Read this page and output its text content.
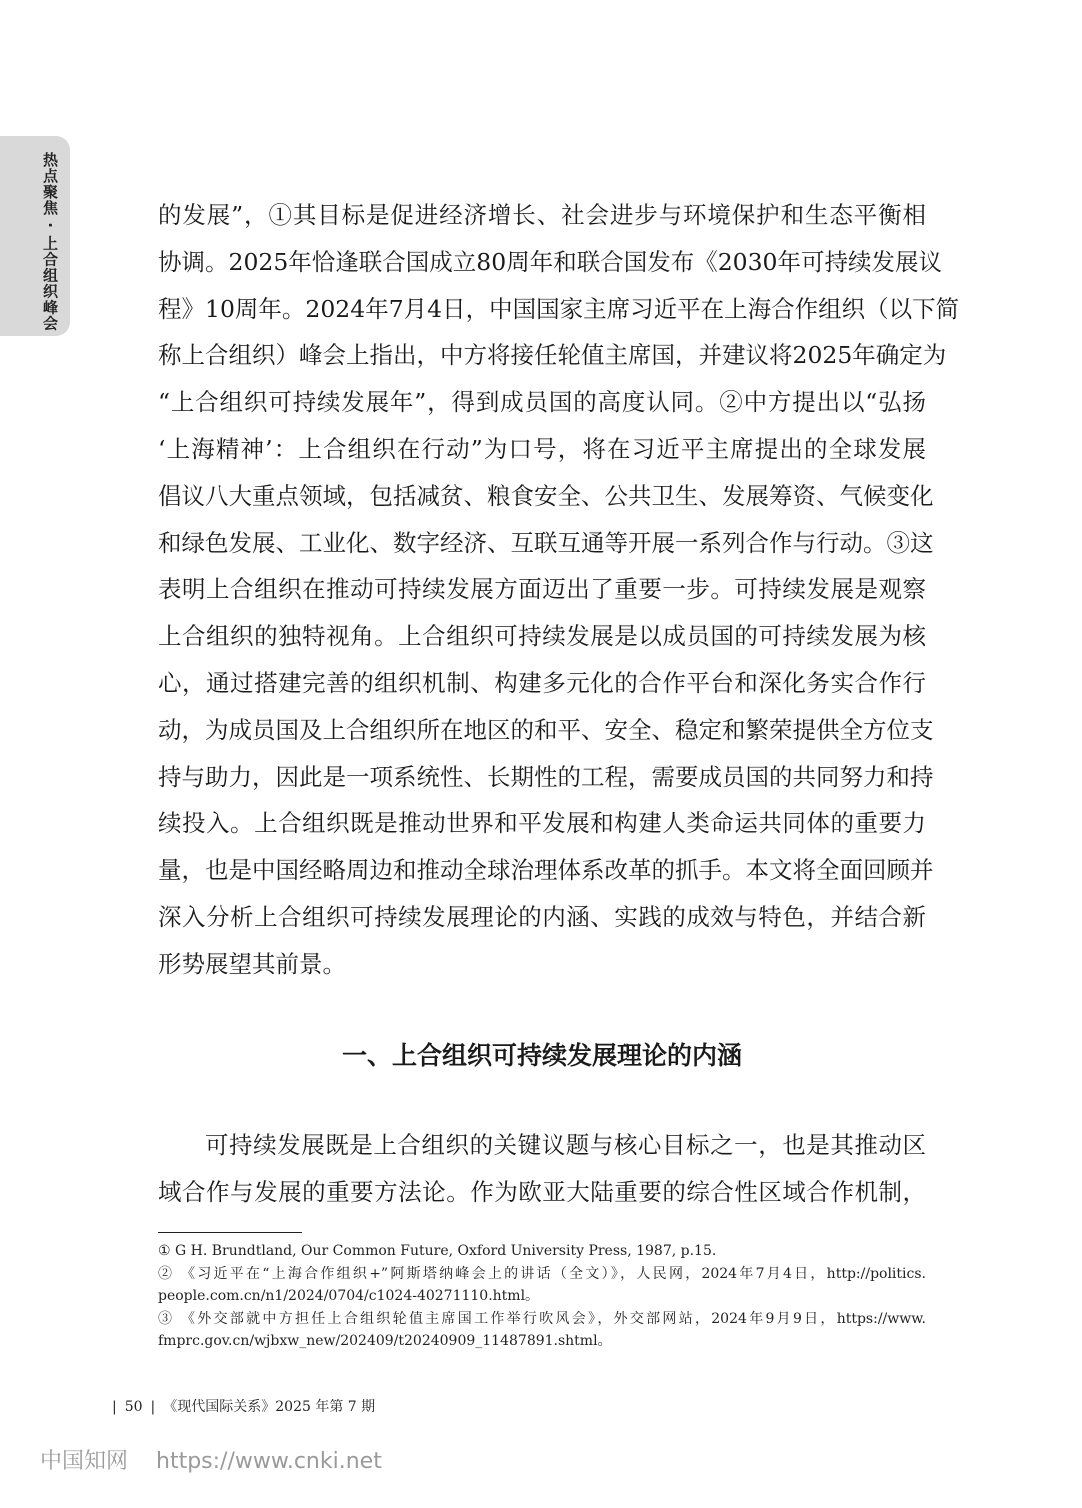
热点聚焦 · 上合组织峰会	的发展”，①其目标是促进经济增长、社会进步与环境保护和生态平衡相
协调。2025年恰逢联合国成立80周年和联合国发布《2030年可持续发展议
程》10周年。2024年7月4日，中国国家主席习近平在上海合作组织（以下简
称上合组织）峰会上指出，中方将接任轮值主席国，并建议将2025年确定为
“上合组织可持续发展年”，得到成员国的高度认同。②中方提出以“弘扬
‘上海精神’：上合组织在行动”为口号，将在习近平主席提出的全球发展
倡议八大重点领域，包括减贫、粮食安全、公共卫生、发展筹资、气候变化
和绿色发展、工业化、数字经济、互联互通等开展一系列合作与行动。③这
表明上合组织在推动可持续发展方面迈出了重要一步。可持续发展是观察
上合组织的独特视角。上合组织可持续发展是以成员国的可持续发展为核
心，通过搭建完善的组织机制、构建多元化的合作平台和深化务实合作行
动，为成员国及上合组织所在地区的和平、安全、稳定和繁荣提供全方位支
持与助力，因此是一项系统性、长期性的工程，需要成员国的共同努力和持
续投入。上合组织既是推动世界和平发展和构建人类命运共同体的重要力
量，也是中国经略周边和推动全球治理体系改革的抓手。本文将全面回顾并
深入分析上合组织可持续发展理论的内涵、实践的成效与特色，并结合新
形势展望其前景。
一、上合组织可持续发展理论的内涵
可持续发展既是上合组织的关键议题与核心目标之一，也是其推动区
域合作与发展的重要方法论。作为欧亚大陆重要的综合性区域合作机制，
① G H. Brundtland, Our Common Future, Oxford University Press, 1987, p.15.
② 《习近平在“上海合作组织+”阿斯塔纳峰会上的讲话（全文）》，人民网，2024年7月4日，http://politics.
people.com.cn/n1/2024/0704/c1024-40271110.html。
③ 《外交部就中方担任上合组织轮值主席国工作举行吹风会》，外交部网站，2024年9月9日，https://www.
fmprc.gov.cn/wjbxw_new/202409/t20240909_11487891.shtml。
| 50 | 《现代国际关系》2025 年第 7 期
中国知网 https://www.cnki.net
